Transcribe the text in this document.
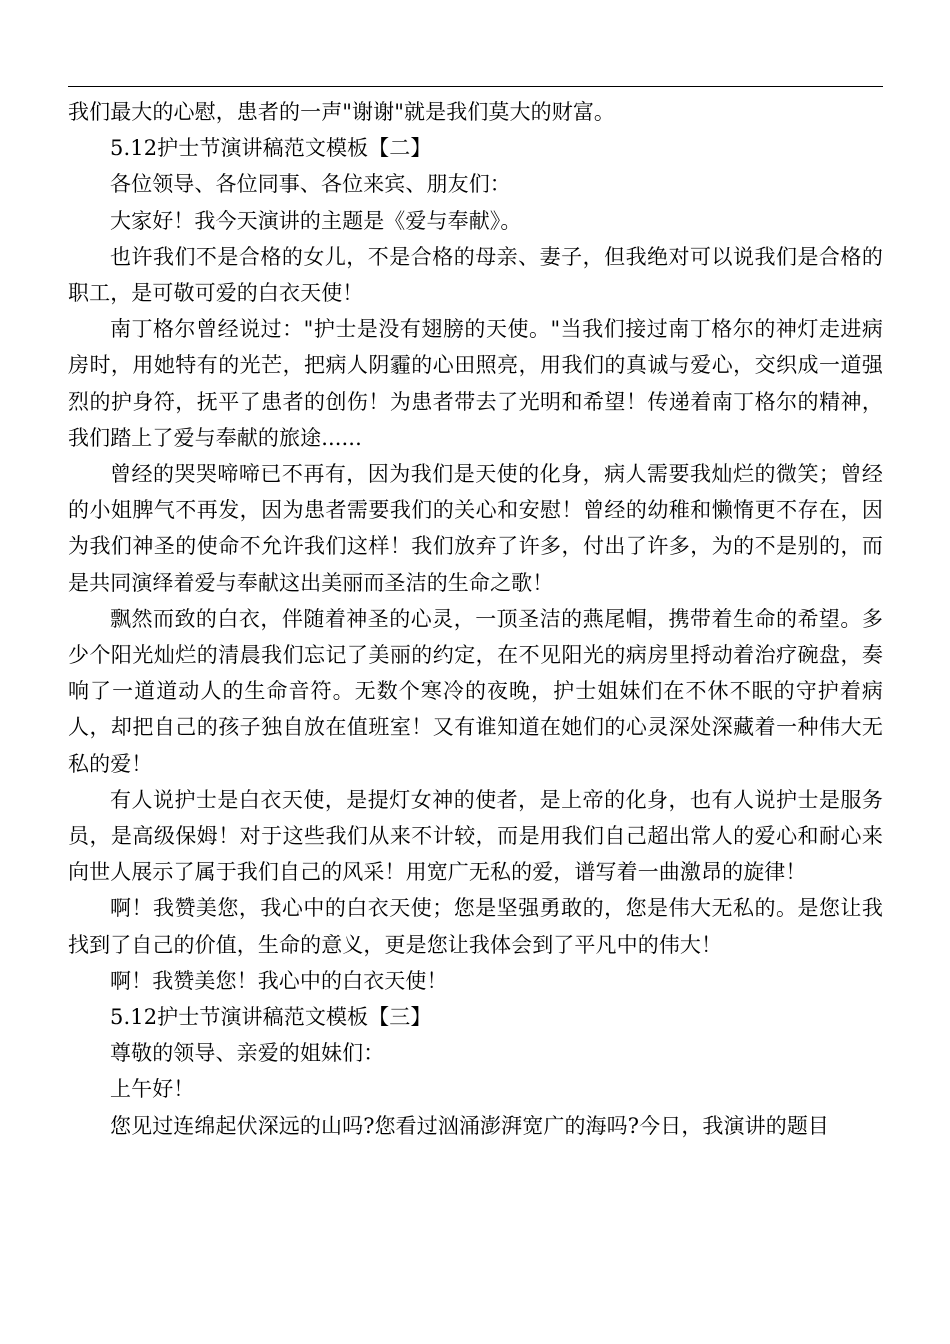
我们最大的心慰，患者的一声"谢谢"就是我们莫大的财富。

5.12护士节演讲稿范文模板【二】

各位领导、各位同事、各位来宾、朋友们：

大家好！我今天演讲的主题是《爱与奉献》。

也许我们不是合格的女儿，不是合格的母亲、妻子，但我绝对可以说我们是合格的职工，是可敬可爱的白衣天使！

南丁格尔曾经说过："护士是没有翅膀的天使。"当我们接过南丁格尔的神灯走进病房时，用她特有的光芒，把病人阴霾的心田照亮，用我们的真诚与爱心，交织成一道强烈的护身符，抚平了患者的创伤！为患者带去了光明和希望！传递着南丁格尔的精神，我们踏上了爱与奉献的旅途......

曾经的哭哭啼啼已不再有，因为我们是天使的化身，病人需要我灿烂的微笑；曾经的小姐脾气不再发，因为患者需要我们的关心和安慰！曾经的幼稚和懒惰更不存在，因为我们神圣的使命不允许我们这样！我们放弃了许多，付出了许多，为的不是别的，而是共同演绎着爱与奉献这出美丽而圣洁的生命之歌！

飘然而致的白衣，伴随着神圣的心灵，一顶圣洁的燕尾帽，携带着生命的希望。多少个阳光灿烂的清晨我们忘记了美丽的约定，在不见阳光的病房里捋动着治疗碗盘，奏响了一道道动人的生命音符。无数个寒冷的夜晚，护士姐妹们在不休不眠的守护着病人，却把自己的孩子独自放在值班室！又有谁知道在她们的心灵深处深藏着一种伟大无私的爱！

有人说护士是白衣天使，是提灯女神的使者，是上帝的化身，也有人说护士是服务员，是高级保姆！对于这些我们从来不计较，而是用我们自己超出常人的爱心和耐心来向世人展示了属于我们自己的风采！用宽广无私的爱，谱写着一曲激昂的旋律！

啊！我赞美您，我心中的白衣天使；您是坚强勇敢的，您是伟大无私的。是您让我找到了自己的价值，生命的意义，更是您让我体会到了平凡中的伟大！

啊！我赞美您！我心中的白衣天使！

5.12护士节演讲稿范文模板【三】

尊敬的领导、亲爱的姐妹们：

上午好！

您见过连绵起伏深远的山吗?您看过汹涌澎湃宽广的海吗?今日，我演讲的题目
